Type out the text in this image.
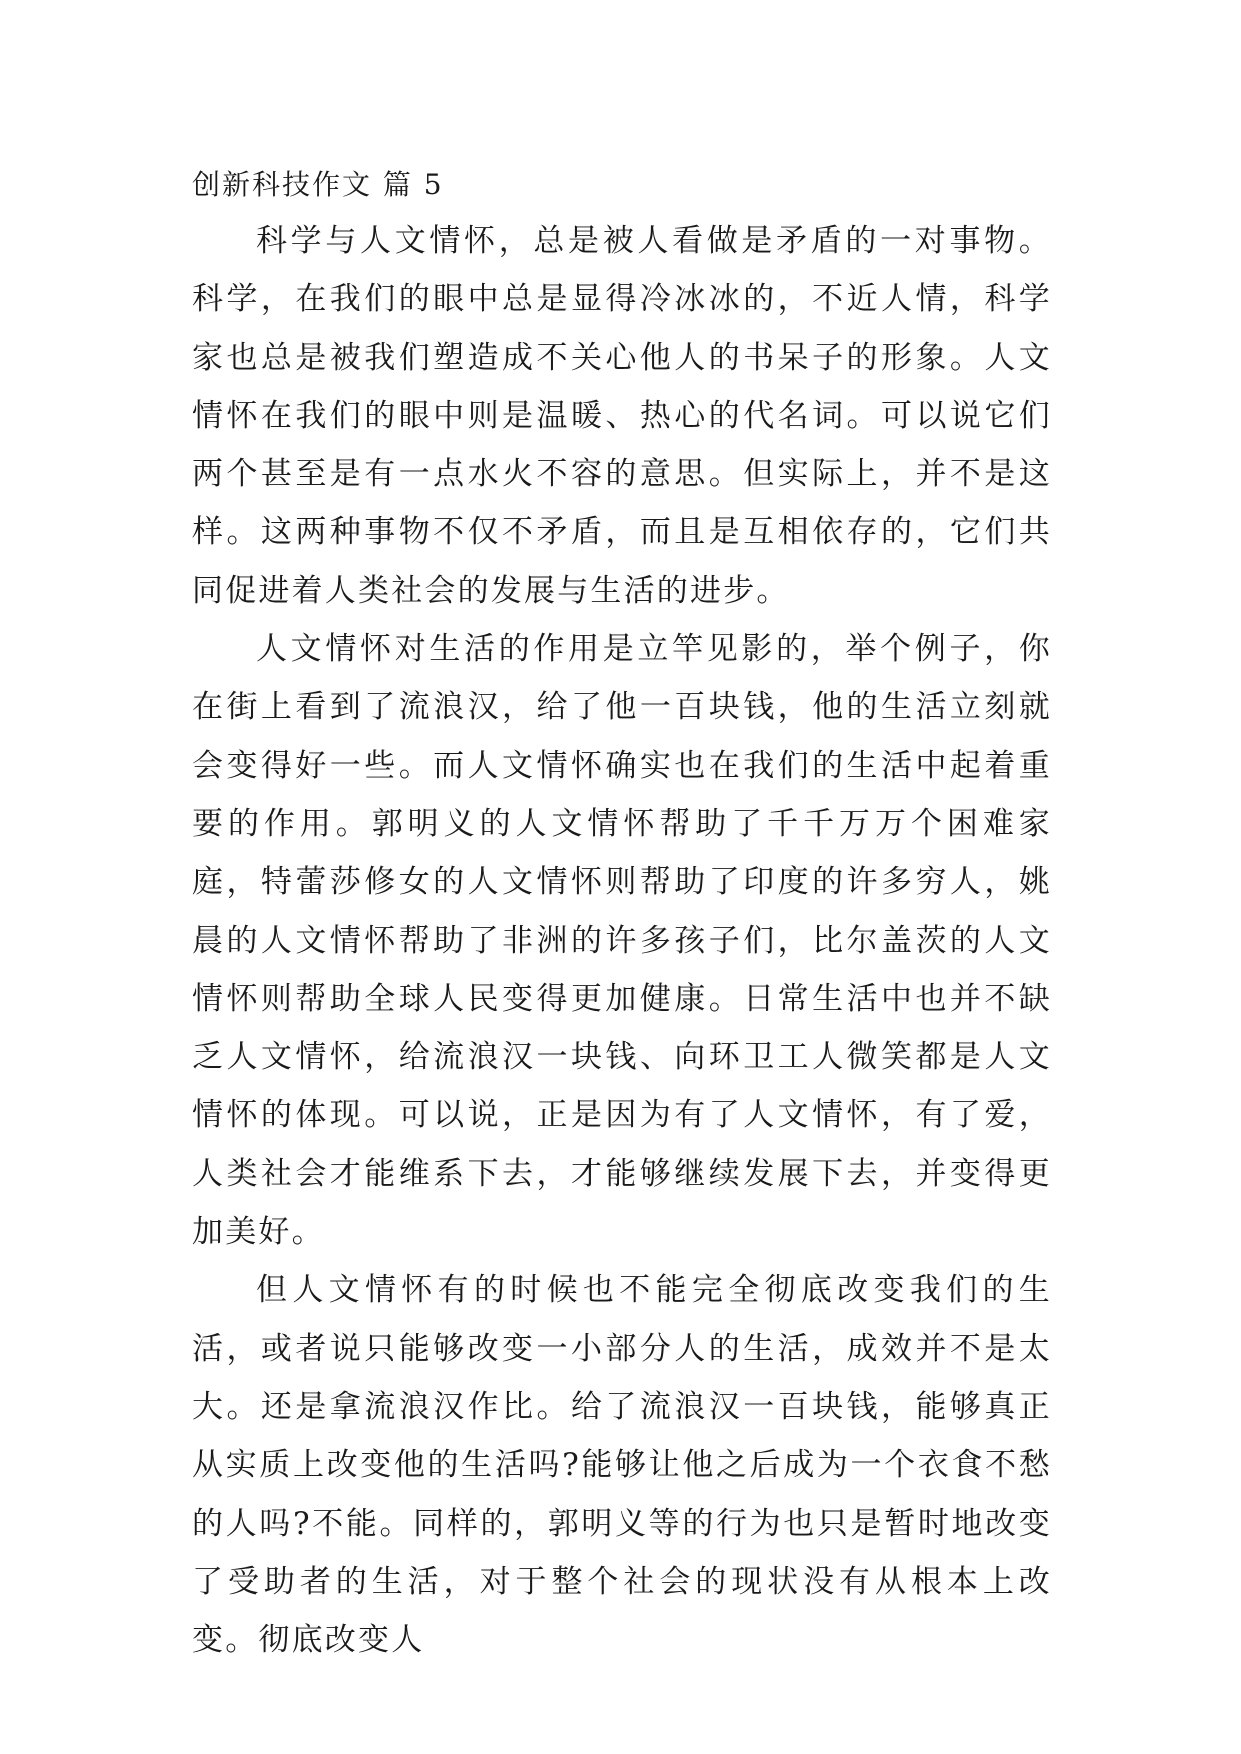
创新科技作文 篇 5

科学与人文情怀，总是被人看做是矛盾的一对事物。科学，在我们的眼中总是显得冷冰冰的，不近人情，科学家也总是被我们塑造成不关心他人的书呆子的形象。人文情怀在我们的眼中则是温暖、热心的代名词。可以说它们两个甚至是有一点水火不容的意思。但实际上，并不是这样。这两种事物不仅不矛盾，而且是互相依存的，它们共同促进着人类社会的发展与生活的进步。

人文情怀对生活的作用是立竿见影的，举个例子，你在街上看到了流浪汉，给了他一百块钱，他的生活立刻就会变得好一些。而人文情怀确实也在我们的生活中起着重要的作用。郭明义的人文情怀帮助了千千万万个困难家庭，特蕾莎修女的人文情怀则帮助了印度的许多穷人，姚晨的人文情怀帮助了非洲的许多孩子们，比尔盖茨的人文情怀则帮助全球人民变得更加健康。日常生活中也并不缺乏人文情怀，给流浪汉一块钱、向环卫工人微笑都是人文情怀的体现。可以说，正是因为有了人文情怀，有了爱，人类社会才能维系下去，才能够继续发展下去，并变得更加美好。

但人文情怀有的时候也不能完全彻底改变我们的生活，或者说只能够改变一小部分人的生活，成效并不是太大。还是拿流浪汉作比。给了流浪汉一百块钱，能够真正从实质上改变他的生活吗?能够让他之后成为一个衣食不愁的人吗?不能。同样的，郭明义等的行为也只是暂时地改变了受助者的生活，对于整个社会的现状没有从根本上改变。彻底改变人
